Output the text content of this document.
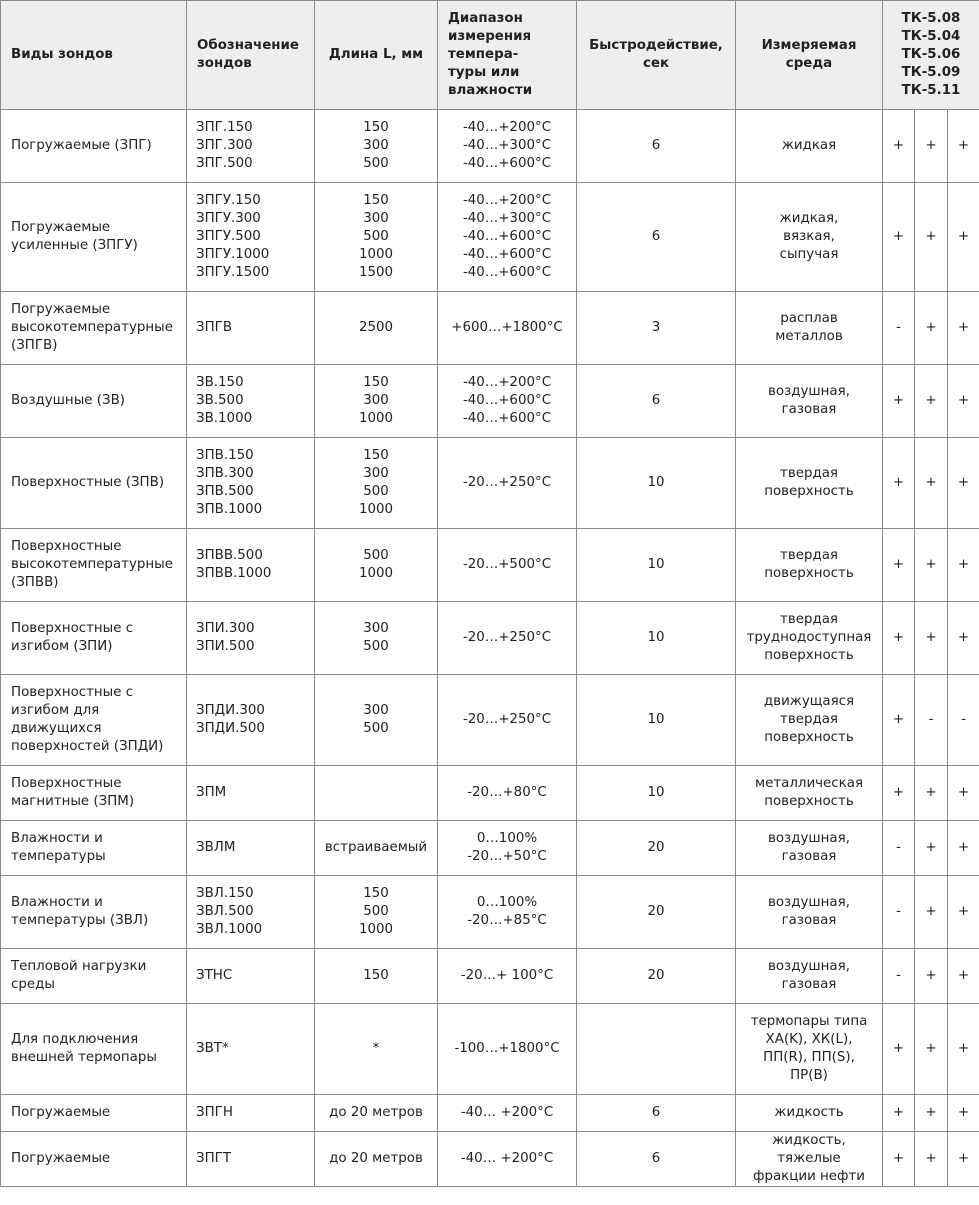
Виды зондов	Обозначение
зондов	Длина L, мм	Диапазон
измерения
темпера-
туры или
влажности	Быстродействие,
сек	Измеряемая
среда	ТК-5.08
ТК-5.04
ТК-5.06
ТК-5.09
ТК-5.11		

Погружаемые (ЗПГ)	ЗПГ.150
ЗПГ.300
ЗПГ.500	150
300
500	-40…+200°C
-40…+300°C
-40…+600°C	6	жидкая	+	+	+

Погружаемые
усиленные (ЗПГУ)	ЗПГУ.150
ЗПГУ.300
ЗПГУ.500
ЗПГУ.1000
ЗПГУ.1500	150
300
500
1000
1500	-40…+200°C
-40…+300°C
-40…+600°C
-40…+600°C
-40…+600°C	6	жидкая,
вязкая,
сыпучая	+	+	+

Погружаемые
высокотемпературные
(ЗПГВ)	ЗПГВ	2500	+600…+1800°C	3	расплав
металлов	-	+	+

Воздушные (ЗВ)	ЗВ.150
ЗВ.500
ЗВ.1000	150
300
1000	-40…+200°C
-40…+600°C
-40…+600°C	6	воздушная,
газовая	+	+	+

Поверхностные (ЗПВ)	ЗПВ.150
ЗПВ.300
ЗПВ.500
ЗПВ.1000	150
300
500
1000	-20…+250°C	10	твердая
поверхность	+	+	+

Поверхностные
высокотемпературные
(ЗПВВ)	ЗПВВ.500
ЗПВВ.1000	500
1000	-20…+500°C	10	твердая
поверхность	+	+	+

Поверхностные с
изгибом (ЗПИ)	ЗПИ.300
ЗПИ.500	300
500	-20…+250°C	10	твердая
труднодоступная
поверхность	+	+	+

Поверхностные с
изгибом для
движущихся
поверхностей (ЗПДИ)	ЗПДИ.300
ЗПДИ.500	300
500	-20…+250°C	10	движущаяся
твердая
поверхность	+	-	-

Поверхностные
магнитные (ЗПМ)	ЗПМ		-20…+80°C	10	металлическая
поверхность	+	+	+

Влажности и
температуры	ЗВЛМ	встраиваемый	0…100%
-20…+50°C	20	воздушная,
газовая	-	+	+

Влажности и
температуры (ЗВЛ)	ЗВЛ.150
ЗВЛ.500
ЗВЛ.1000	150
500
1000	0…100%
-20…+85°C	20	воздушная,
газовая	-	+	+

Тепловой нагрузки
среды	ЗТНС	150	-20…+ 100°C	20	воздушная,
газовая	-	+	+

Для подключения
внешней термопары	ЗВТ*	*	-100…+1800°C		термопары типа
ХА(K), ХК(L),
ПП(R), ПП(S),
ПР(B)	+	+	+

Погружаемые	ЗПГН	до 20 метров	-40… +200°C	6	жидкость	+	+	+

Погружаемые	ЗПГТ	до 20 метров	-40… +200°C	6	жидкость,
тяжелые
фракции нефти	+	+	+
